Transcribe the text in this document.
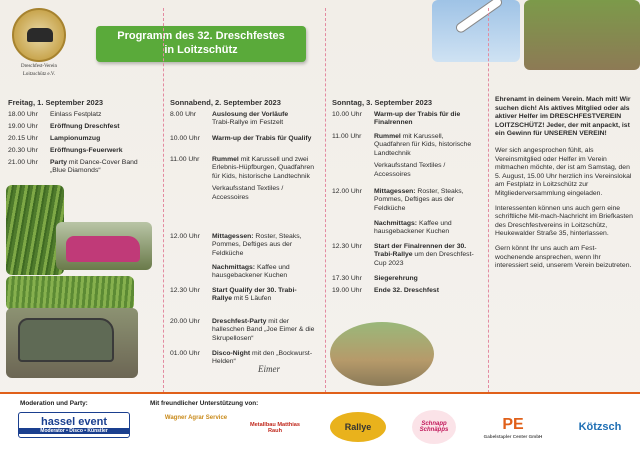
Dreschfest-Verein
Loitzschütz e.V.
Programm des 32. Dreschfestes
in Loitzschütz
Freitag, 1. September 2023
18.00 Uhr	Einlass Festplatz
19.00 Uhr	Eröffnung Dreschfest
20.15 Uhr	Lampionumzug
20.30 Uhr	Eröffnungs-Feuerwerk
21.00 Uhr	Party mit Dance-Cover Band „Blue Diamonds“
Sonnabend, 2. September 2023
8.00 Uhr	Auslosung der Vorläufe
Trabi-Rallye im Festzelt
10.00 Uhr	Warm-up der Trabis für Qualify
11.00 Uhr	Rummel mit Karussell und zwei Erlebnis-Hüpfburgen, Quadfahren für Kids, historische Landtechnik

Verkaufsstand Textiles / Accessoires
12.00 Uhr	Mittagessen: Roster, Steaks, Pommes, Deftiges aus der Feldküche
Nachmittags: Kaffee und hausgebackener Kuchen
12.30 Uhr	Start Qualify der 30. Trabi-Rallye mit 5 Läufen
20.00 Uhr	Dreschfest-Party mit der halleschen Band „Joe Eimer & die Skrupellosen“
01.00 Uhr	Disco-Night mit den „Bockwurst-Helden“
Sonntag, 3. September 2023
10.00 Uhr	Warm-up der Trabis für die Finalrennen
11.00 Uhr	Rummel mit Karussell, Quadfahren für Kids, historische Landtechnik

Verkaufsstand Textiles / Accessoires
12.00 Uhr	Mittagessen: Roster, Steaks, Pommes, Deftiges aus der Feldküche
Nachmittags: Kaffee und hausgebackener Kuchen
12.30 Uhr	Start der Finalrennen der 30. Trabi-Rallye um den Dreschfest-Cup 2023
17.30 Uhr	Siegerehrung
19.00 Uhr	Ende 32. Dreschfest
Ehrenamt in deinem Verein. Mach mit! Wir suchen dich! Als aktives Mitglied oder als aktiver Helfer im DRESCHFESTVEREIN LOITZSCHÜTZ! Jeder, der mit anpackt, ist ein Gewinn für UNSEREN VEREIN!
Wer sich angesprochen fühlt, als Vereinsmitglied oder Helfer im Verein mitmachen möchte, der ist am Samstag, den 5. August, 15.00 Uhr herzlich ins Vereinslokal am Festplatz in Loitzschütz zur Mitgliederversammlung eingeladen.
Interessenten können uns auch gern eine schriftliche Mit-mach-Nachricht im Briefkasten des Dreschfestvereins in Loitzschütz, Heukewalder Straße 35, hinterlassen.
Gern könnt Ihr uns auch am Fest-wochenende ansprechen, wenn Ihr interessiert seid, unserem Verein beizutreten.
Eimer
Moderation und Party:
hassel event
Moderator • Disco • Künstler
Mit freundlicher Unterstützung von:
Wagner Agrar Service
Metallbau Matthias Rauh	Rallye	Schnapp Schnäpps	PE
Gabelstapler Center GmbH
Kötzsch
